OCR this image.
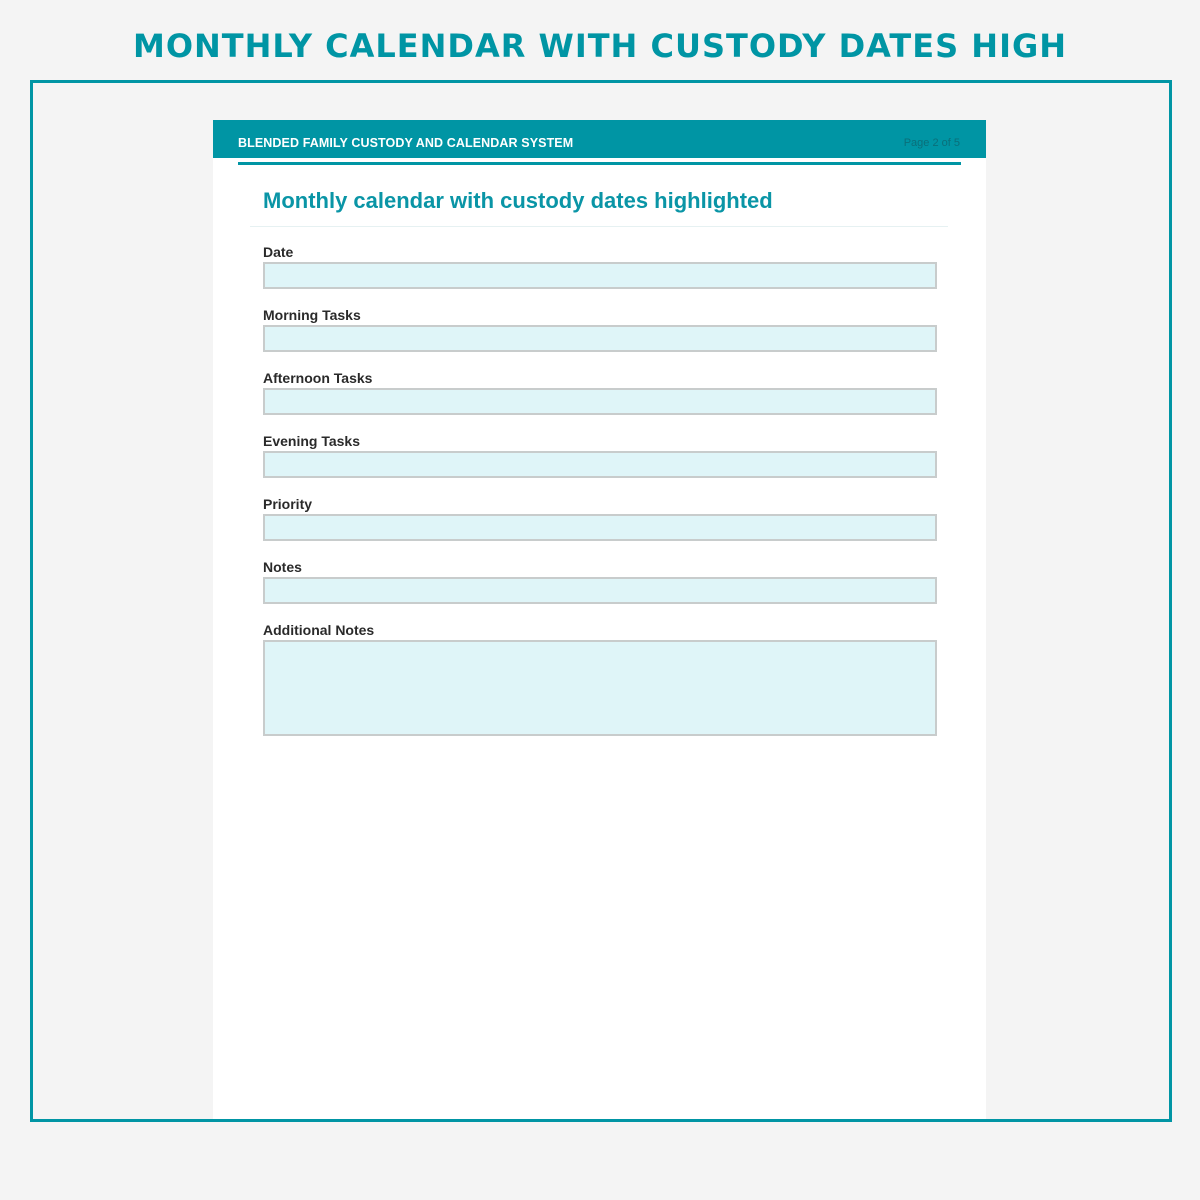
MONTHLY CALENDAR WITH CUSTODY DATES HIGH
BLENDED FAMILY CUSTODY AND CALENDAR SYSTEM	Page 2 of 5
Monthly calendar with custody dates highlighted
Date
Morning Tasks
Afternoon Tasks
Evening Tasks
Priority
Notes
Additional Notes
